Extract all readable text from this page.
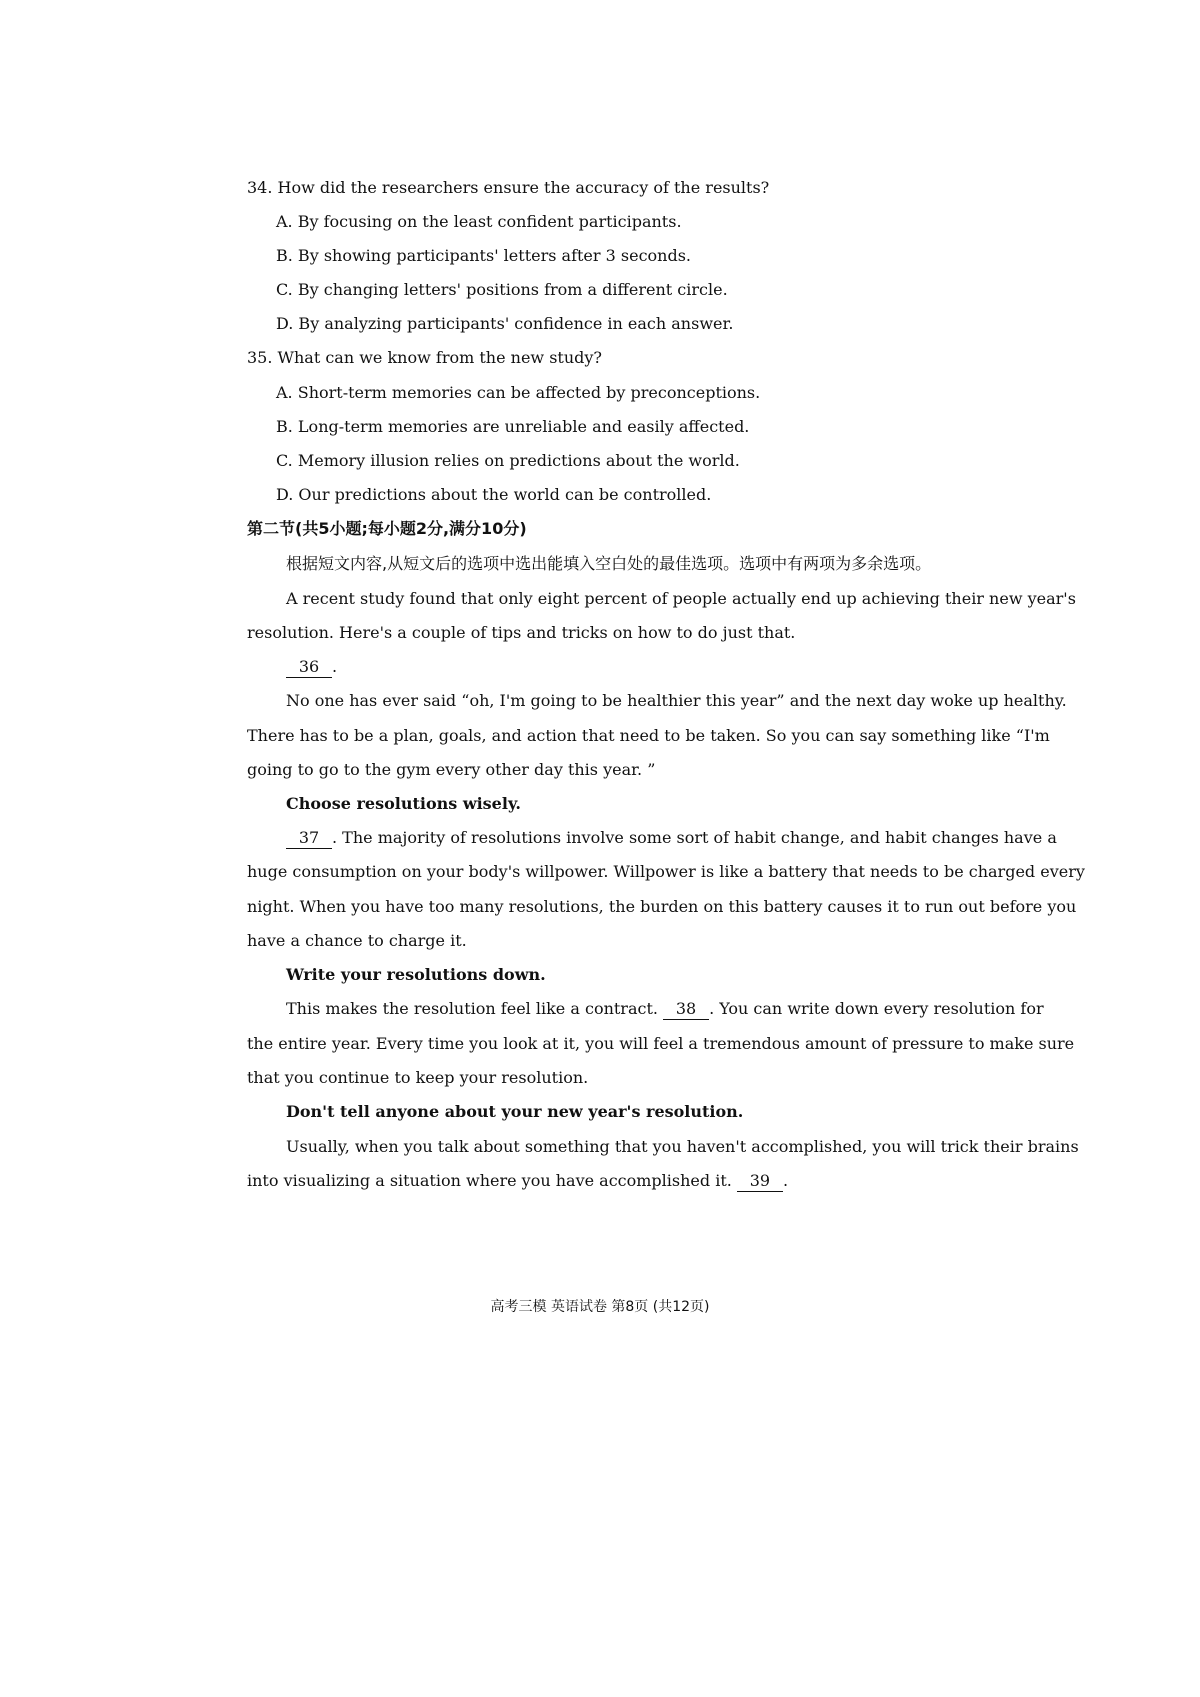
34. How did the researchers ensure the accuracy of the results?
A. By focusing on the least confident participants.
B. By showing participants' letters after 3 seconds.
C. By changing letters' positions from a different circle.
D. By analyzing participants' confidence in each answer.
35. What can we know from the new study?
A. Short-term memories can be affected by preconceptions.
B. Long-term memories are unreliable and easily affected.
C. Memory illusion relies on predictions about the world.
D. Our predictions about the world can be controlled.
第二节(共5小题;每小题2分,满分10分)
根据短文内容,从短文后的选项中选出能填入空白处的最佳选项。选项中有两项为多余选项。
A recent study found that only eight percent of people actually end up achieving their new year's
resolution. Here's a couple of tips and tricks on how to do just that.
36 .
No one has ever said “oh, I'm going to be healthier this year” and the next day woke up healthy.
There has to be a plan, goals, and action that need to be taken. So you can say something like “I'm
going to go to the gym every other day this year. ”
Choose resolutions wisely.
37 . The majority of resolutions involve some sort of habit change, and habit changes have a
huge consumption on your body's willpower. Willpower is like a battery that needs to be charged every
night. When you have too many resolutions, the burden on this battery causes it to run out before you
have a chance to charge it.
Write your resolutions down.
This makes the resolution feel like a contract. 38 . You can write down every resolution for
the entire year. Every time you look at it, you will feel a tremendous amount of pressure to make sure
that you continue to keep your resolution.
Don't tell anyone about your new year's resolution.
Usually, when you talk about something that you haven't accomplished, you will trick their brains
into visualizing a situation where you have accomplished it. 39 .
高考三模 英语试卷 第8页 (共12页)
